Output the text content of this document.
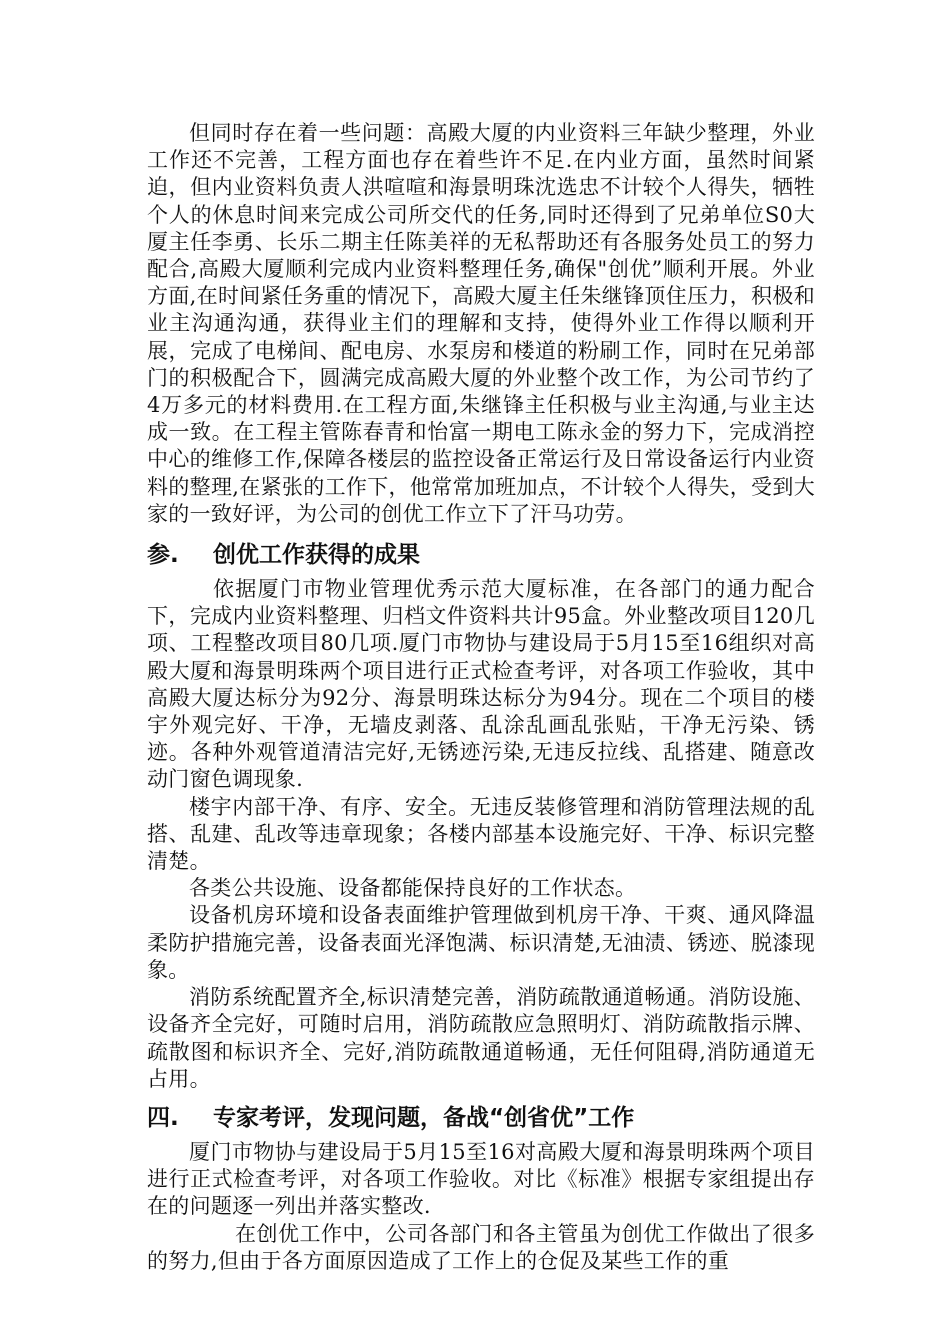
但同时存在着一些问题：高殿大厦的内业资料三年缺少整理，外业工作还不完善，工程方面也存在着些许不足.在内业方面，虽然时间紧迫，但内业资料负责人洪喧喧和海景明珠沈选忠不计较个人得失，牺牲个人的休息时间来完成公司所交代的任务,同时还得到了兄弟单位S0大厦主任李勇、长乐二期主任陈美祥的无私帮助还有各服务处员工的努力配合,高殿大厦顺利完成内业资料整理任务,确保"创优”顺利开展。外业方面,在时间紧任务重的情况下，高殿大厦主任朱继锋顶住压力，积极和业主沟通沟通，获得业主们的理解和支持，使得外业工作得以顺利开展，完成了电梯间、配电房、水泵房和楼道的粉刷工作，同时在兄弟部门的积极配合下，圆满完成高殿大厦的外业整个改工作，为公司节约了4万多元的材料费用.在工程方面,朱继锋主任积极与业主沟通,与业主达成一致。在工程主管陈春青和怡富一期电工陈永金的努力下，完成消控中心的维修工作,保障各楼层的监控设备正常运行及日常设备运行内业资料的整理,在紧张的工作下，他常常加班加点，不计较个人得失，受到大家的一致好评，为公司的创优工作立下了汗马功劳。

参.	创优工作获得的成果

依据厦门市物业管理优秀示范大厦标准，在各部门的通力配合下，完成内业资料整理、归档文件资料共计95盒。外业整改项目120几项、工程整改项目80几项.厦门市物协与建设局于5月15至16组织对高殿大厦和海景明珠两个项目进行正式检查考评，对各项工作验收，其中高殿大厦达标分为92分、海景明珠达标分为94分。现在二个项目的楼宇外观完好、干净，无墙皮剥落、乱涂乱画乱张贴，干净无污染、锈迹。各种外观管道清洁完好,无锈迹污染,无违反拉线、乱搭建、随意改动门窗色调现象.

楼宇内部干净、有序、安全。无违反装修管理和消防管理法规的乱搭、乱建、乱改等违章现象；各楼内部基本设施完好、干净、标识完整清楚。

各类公共设施、设备都能保持良好的工作状态。

设备机房环境和设备表面维护管理做到机房干净、干爽、通风降温柔防护措施完善，设备表面光泽饱满、标识清楚,无油渍、锈迹、脱漆现象。

消防系统配置齐全,标识清楚完善，消防疏散通道畅通。消防设施、设备齐全完好，可随时启用，消防疏散应急照明灯、消防疏散指示牌、疏散图和标识齐全、完好,消防疏散通道畅通，无任何阻碍,消防通道无占用。

四.	专家考评，发现问题，备战“创省优”工作

厦门市物协与建设局于5月15至16对高殿大厦和海景明珠两个项目进行正式检查考评，对各项工作验收。对比《标准》根据专家组提出存在的问题逐一列出并落实整改.

在创优工作中，公司各部门和各主管虽为创优工作做出了很多的努力,但由于各方面原因造成了工作上的仓促及某些工作的重
